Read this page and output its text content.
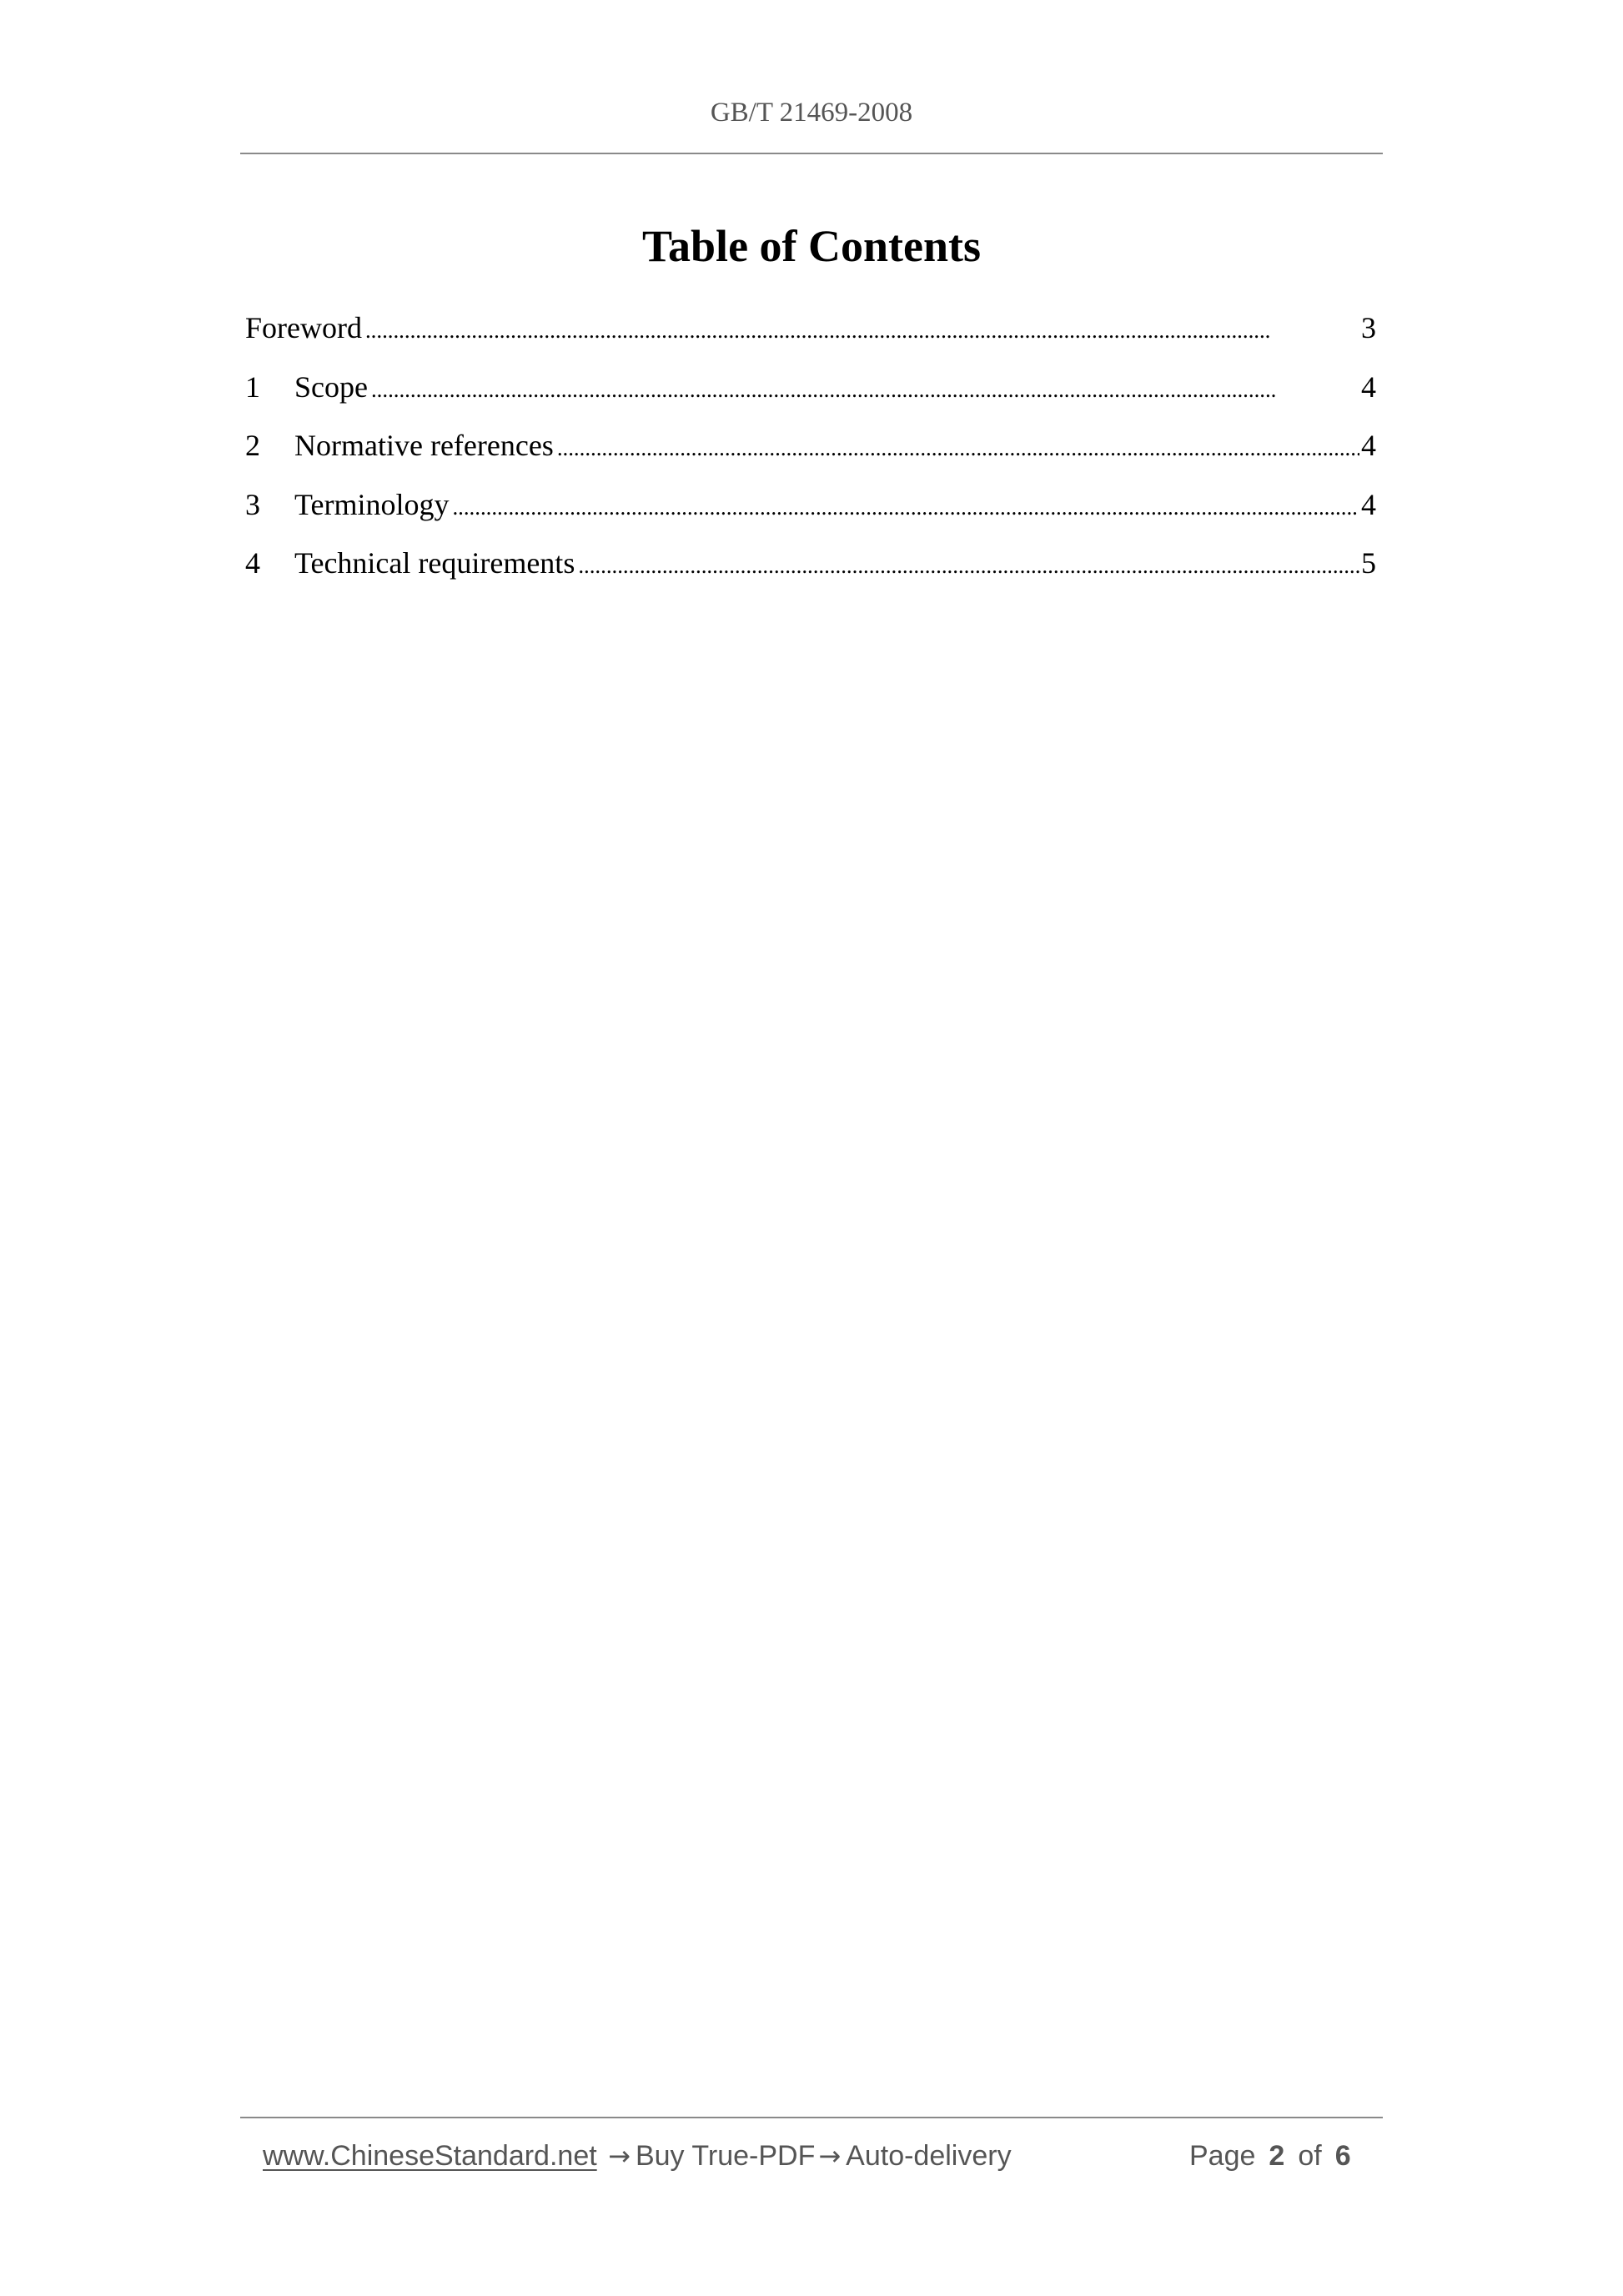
GB/T 21469-2008
Table of Contents
Foreword . . .	3
1	Scope . . .	4
2	Normative references . . .	4
3	Terminology . . .	4
4	Technical requirements . . .	5
www.ChineseStandard.net → Buy True-PDF → Auto-delivery	Page 2 of 6
